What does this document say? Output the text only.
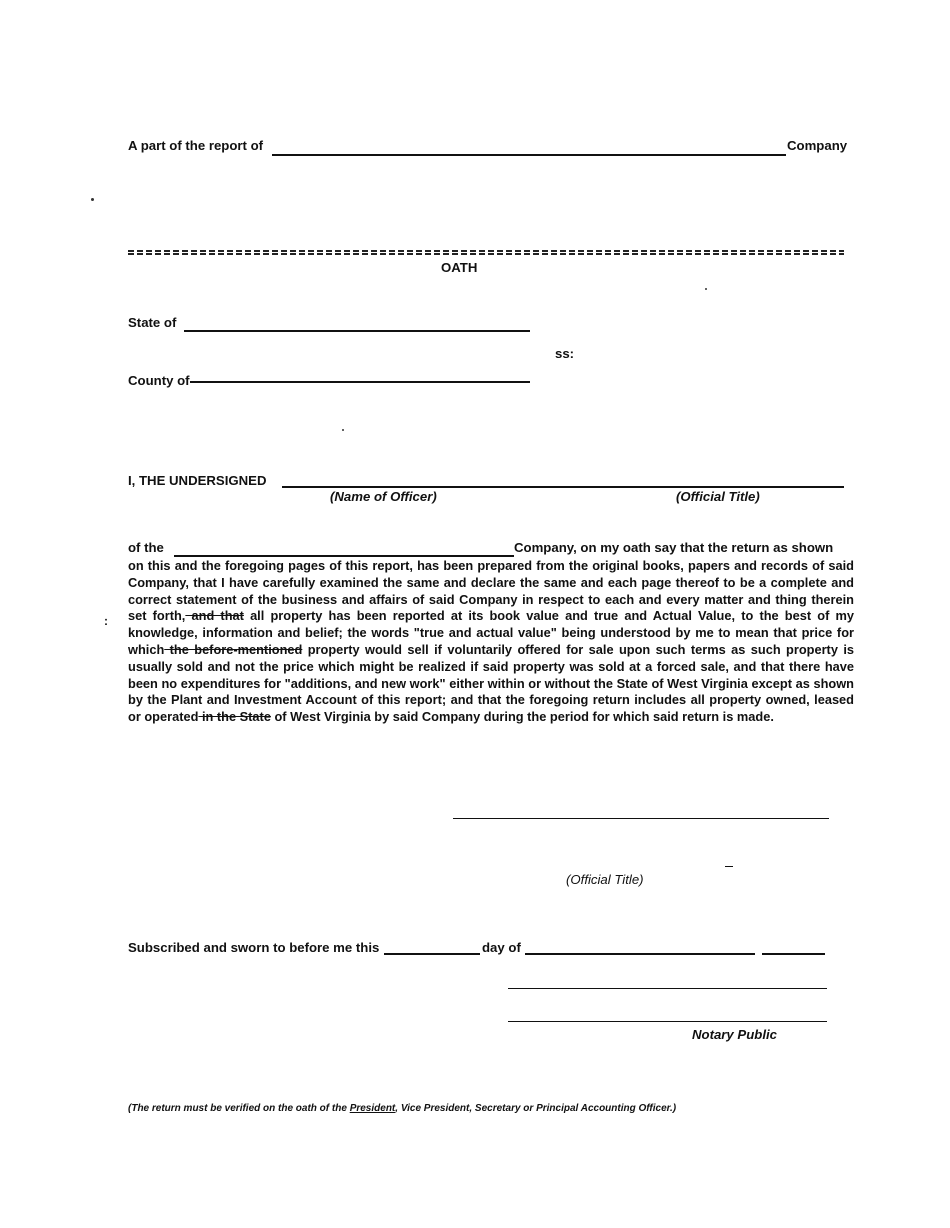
A part of the report of	Company
OATH
State of
ss:
County of
I, THE UNDERSIGNED
(Name of Officer)	(Official Title)
of the	Company, on my oath say that the return as shown
:
on this and the foregoing pages of this report, has been prepared from the original books, papers and records of said Company, that I have carefully examined the same and declare the same and each page thereof to be a complete and correct statement of the business and affairs of said Company in respect to each and every matter and thing therein set forth, and that all property has been reported at its book value and true and Actual Value, to the best of my knowledge, information and belief; the words "true and actual value" being understood by me to mean that price for which the before-mentioned property would sell if voluntarily offered for sale upon such terms as such property is usually sold and not the price which might be realized if said property was sold at a forced sale, and that there have been no expenditures for "additions, and new work" either within or without the State of West Virginia except as shown by the Plant and Investment Account of this report; and that the foregoing return includes all property owned, leased or operated in the State of West Virginia by said Company during the period for which said return is made.
(Official Title)
Subscribed and sworn to before me this	day of
Notary Public
(The return must be verified on the oath of the President, Vice President, Secretary or Principal Accounting Officer.)
